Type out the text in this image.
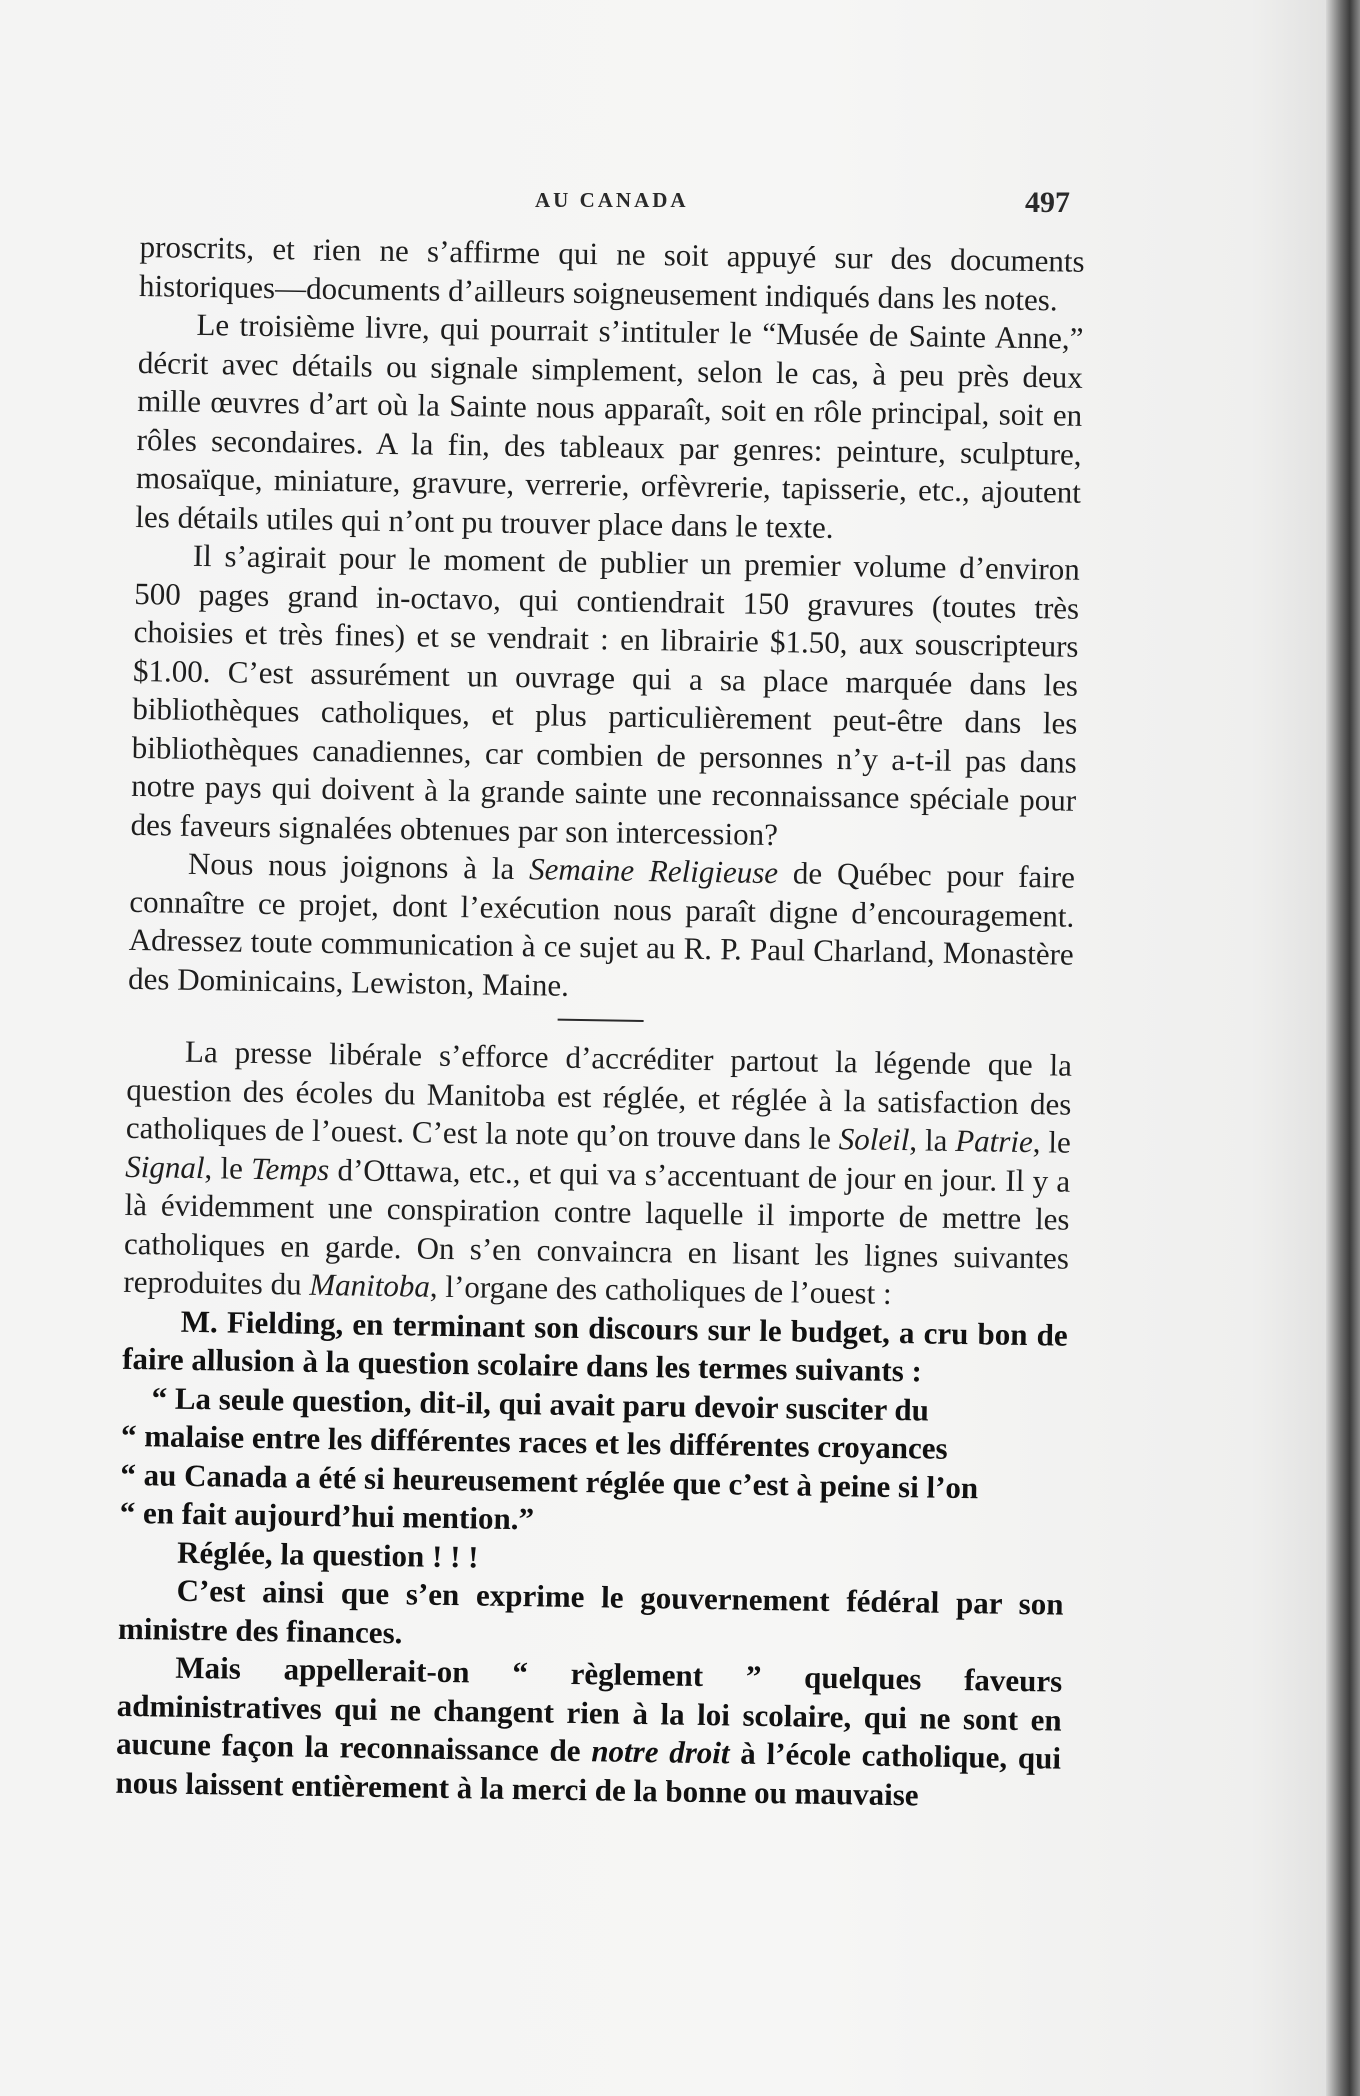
AU CANADA	497

proscrits, et rien ne s’affirme qui ne soit appuyé sur des documents historiques—documents d’ailleurs soigneusement indiqués dans les notes.

Le troisième livre, qui pourrait s’intituler le “Musée de Sainte Anne,” décrit avec détails ou signale simplement, selon le cas, à peu près deux mille œuvres d’art où la Sainte nous apparaît, soit en rôle principal, soit en rôles secondaires. A la fin, des tableaux par genres: peinture, sculpture, mosaïque, miniature, gravure, verrerie, orfèvrerie, tapisserie, etc., ajoutent les détails utiles qui n’ont pu trouver place dans le texte.

Il s’agirait pour le moment de publier un premier volume d’environ 500 pages grand in-octavo, qui contiendrait 150 gravures (toutes très choisies et très fines) et se vendrait : en librairie $1.50, aux souscripteurs $1.00. C’est assurément un ouvrage qui a sa place marquée dans les bibliothèques catholiques, et plus particulièrement peut-être dans les bibliothèques canadiennes, car combien de personnes n’y a-t-il pas dans notre pays qui doivent à la grande sainte une reconnaissance spéciale pour des faveurs signalées obtenues par son intercession?

Nous nous joignons à la Semaine Religieuse de Québec pour faire connaître ce projet, dont l’exécution nous paraît digne d’encouragement. Adressez toute communication à ce sujet au R. P. Paul Charland, Monastère des Dominicains, Lewiston, Maine.

La presse libérale s’efforce d’accréditer partout la légende que la question des écoles du Manitoba est réglée, et réglée à la satisfaction des catholiques de l’ouest. C’est la note qu’on trouve dans le Soleil, la Patrie, le Signal, le Temps d’Ottawa, etc., et qui va s’accentuant de jour en jour. Il y a là évidemment une conspiration contre laquelle il importe de mettre les catholiques en garde. On s’en convaincra en lisant les lignes suivantes reproduites du Manitoba, l’organe des catholiques de l’ouest :

M. Fielding, en terminant son discours sur le budget, a cru bon de faire allusion à la question scolaire dans les termes suivants :

“ La seule question, dit-il, qui avait paru devoir susciter du
“ malaise entre les différentes races et les différentes croyances
“ au Canada a été si heureusement réglée que c’est à peine si l’on
“ en fait aujourd’hui mention.”

Réglée, la question ! ! !

C’est ainsi que s’en exprime le gouvernement fédéral par son ministre des finances.

Mais appellerait-on “ règlement ” quelques faveurs administratives qui ne changent rien à la loi scolaire, qui ne sont en aucune façon la reconnaissance de notre droit à l’école catholique, qui nous laissent entièrement à la merci de la bonne ou mauvaise
